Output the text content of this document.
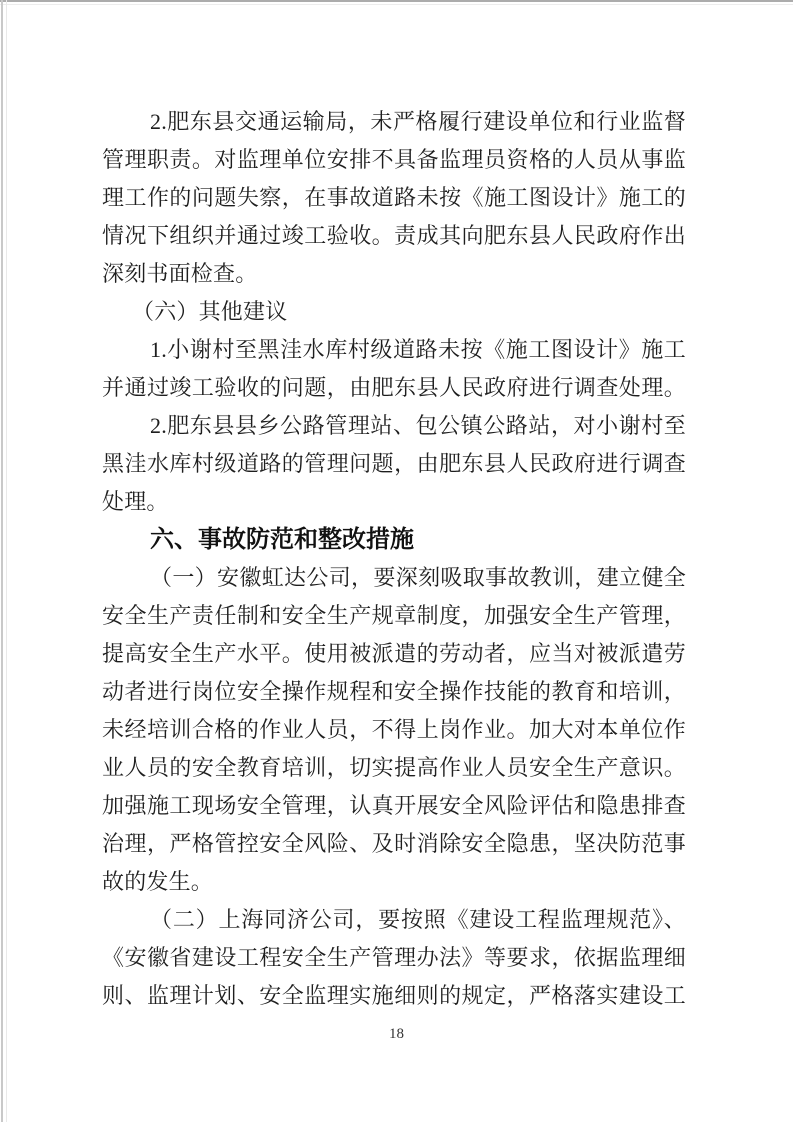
2.肥东县交通运输局，未严格履行建设单位和行业监督
管理职责。对监理单位安排不具备监理员资格的人员从事监
理工作的问题失察，在事故道路未按《施工图设计》施工的
情况下组织并通过竣工验收。责成其向肥东县人民政府作出
深刻书面检查。

（六）其他建议

1.小谢村至黑洼水库村级道路未按《施工图设计》施工
并通过竣工验收的问题，由肥东县人民政府进行调查处理。

2.肥东县县乡公路管理站、包公镇公路站，对小谢村至
黑洼水库村级道路的管理问题，由肥东县人民政府进行调查
处理。

六、事故防范和整改措施

（一）安徽虹达公司，要深刻吸取事故教训，建立健全
安全生产责任制和安全生产规章制度，加强安全生产管理，
提高安全生产水平。使用被派遣的劳动者，应当对被派遣劳
动者进行岗位安全操作规程和安全操作技能的教育和培训，
未经培训合格的作业人员，不得上岗作业。加大对本单位作
业人员的安全教育培训，切实提高作业人员安全生产意识。
加强施工现场安全管理，认真开展安全风险评估和隐患排查
治理，严格管控安全风险、及时消除安全隐患，坚决防范事
故的发生。

（二）上海同济公司，要按照《建设工程监理规范》、
《安徽省建设工程安全生产管理办法》等要求，依据监理细
则、监理计划、安全监理实施细则的规定，严格落实建设工

18
